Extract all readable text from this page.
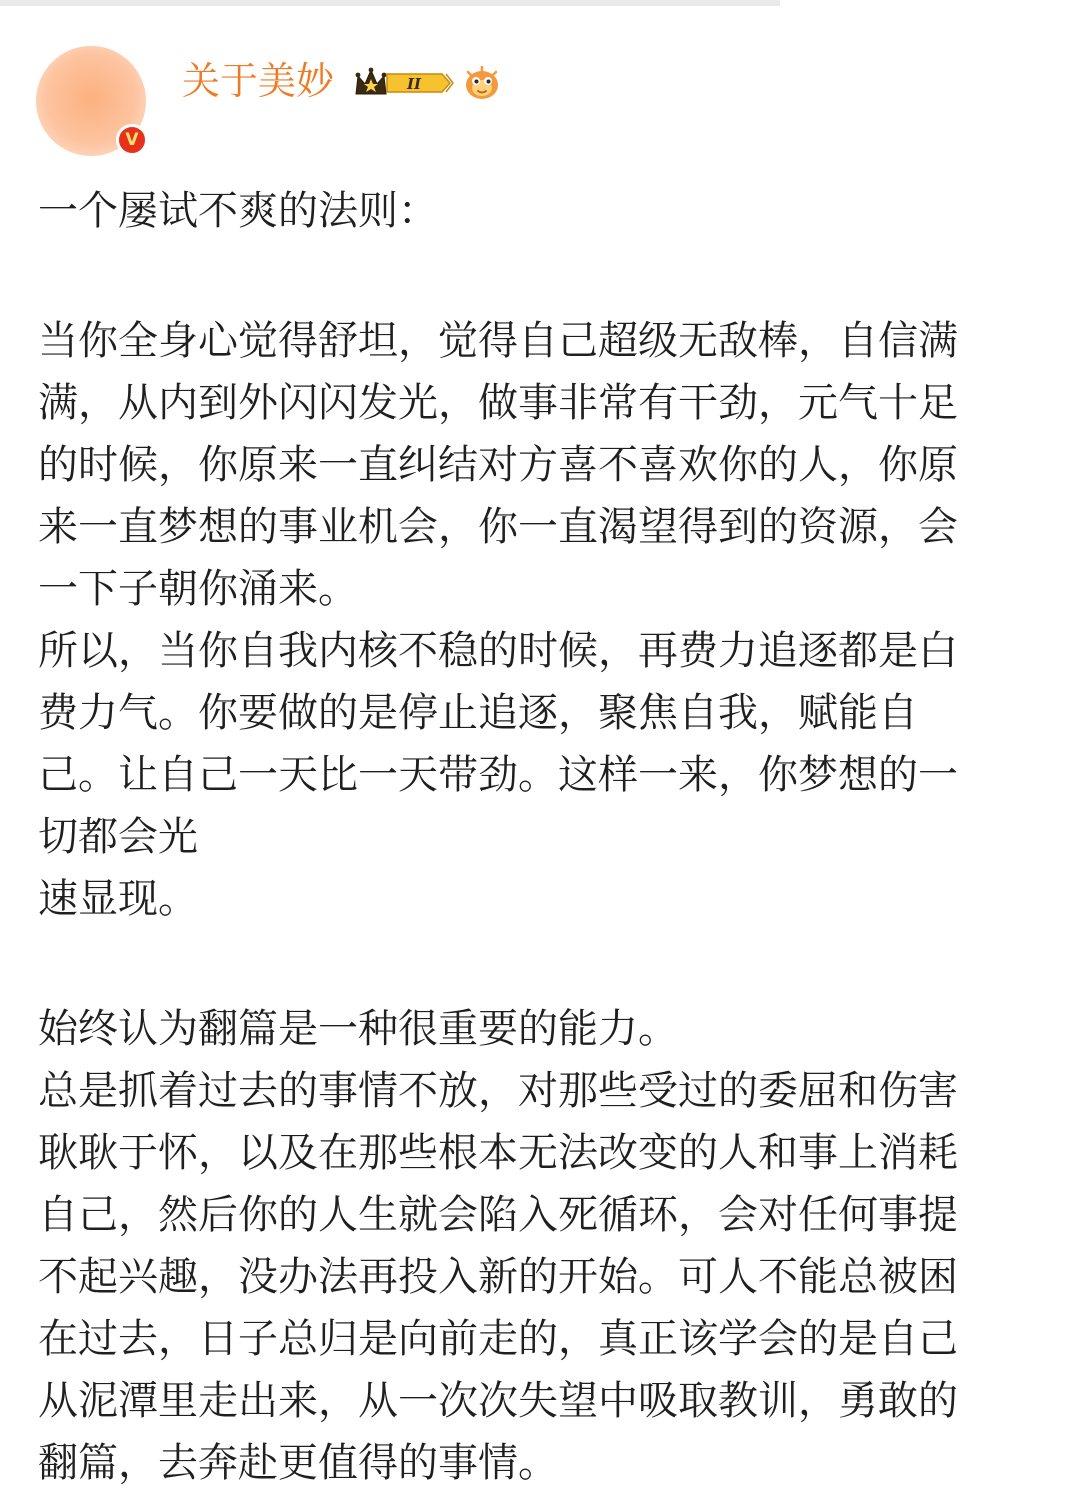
V
关于美妙	II
一个屡试不爽的法则：
当你全身心觉得舒坦，觉得自己超级无敌棒，自信满
满，从内到外闪闪发光，做事非常有干劲，元气十足
的时候，你原来一直纠结对方喜不喜欢你的人，你原
来一直梦想的事业机会，你一直渴望得到的资源，会
一下子朝你涌来。
所以，当你自我内核不稳的时候，再费力追逐都是白
费力气。你要做的是停止追逐，聚焦自我，赋能自
己。让自己一天比一天带劲。这样一来，你梦想的一
切都会光
速显现。
始终认为翻篇是一种很重要的能力。
总是抓着过去的事情不放，对那些受过的委屈和伤害
耿耿于怀，以及在那些根本无法改变的人和事上消耗
自己，然后你的人生就会陷入死循环，会对任何事提
不起兴趣，没办法再投入新的开始。可人不能总被困
在过去，日子总归是向前走的，真正该学会的是自己
从泥潭里走出来，从一次次失望中吸取教训，勇敢的
翻篇，去奔赴更值得的事情。
